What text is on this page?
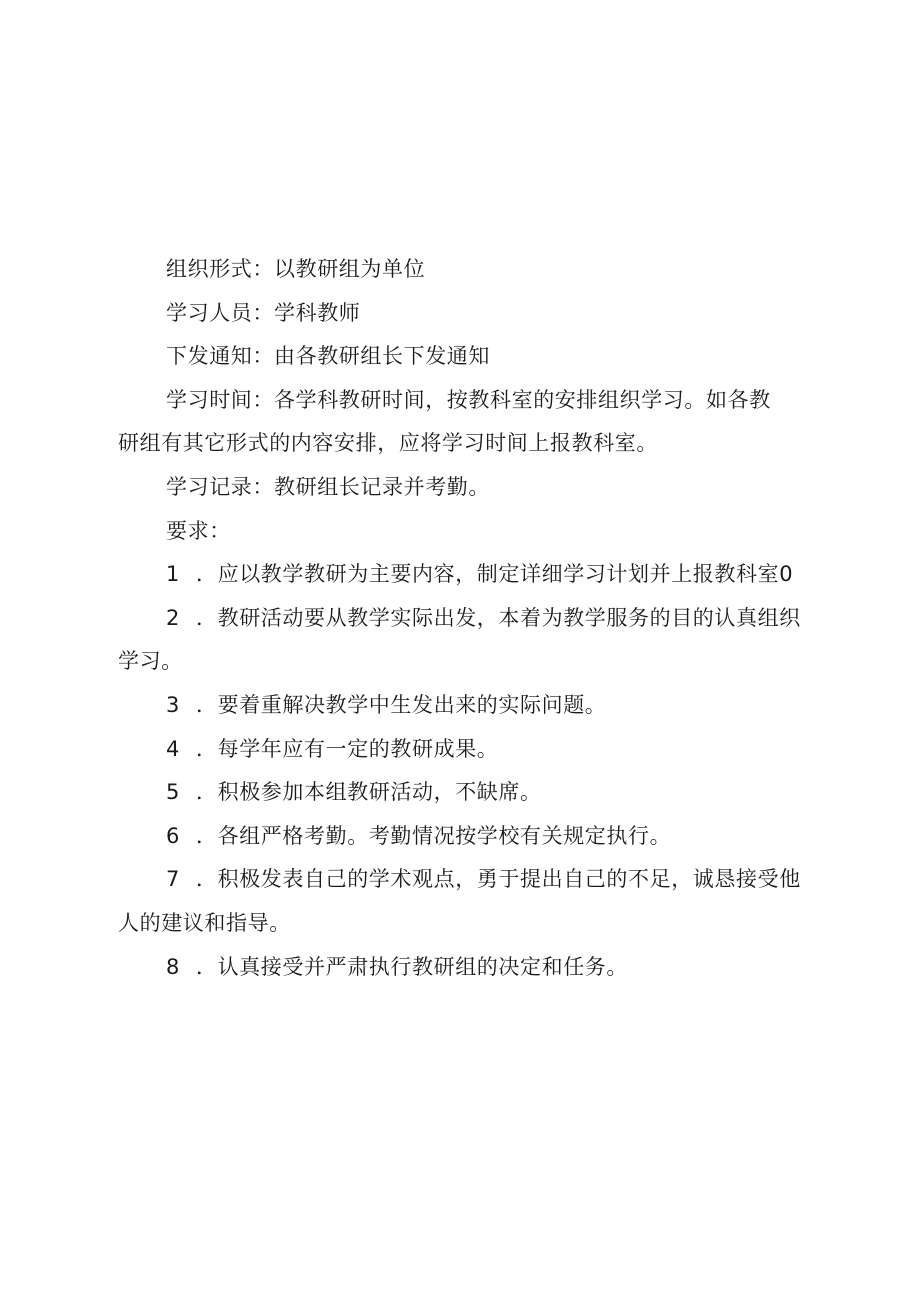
组织形式：以教研组为单位
学习人员：学科教师
下发通知：由各教研组长下发通知
学习时间：各学科教研时间，按教科室的安排组织学习。如各教
研组有其它形式的内容安排，应将学习时间上报教科室。
学习记录：教研组长记录并考勤。
要求：
1 ．应以教学教研为主要内容，制定详细学习计划并上报教科室0
2 ．教研活动要从教学实际出发，本着为教学服务的目的认真组织
学习。
3 ．要着重解决教学中生发出来的实际问题。
4 ．每学年应有一定的教研成果。
5 ．积极参加本组教研活动，不缺席。
6 ．各组严格考勤。考勤情况按学校有关规定执行。
7 ．积极发表自己的学术观点，勇于提出自己的不足，诚恳接受他
人的建议和指导。
8 ．认真接受并严肃执行教研组的决定和任务。
